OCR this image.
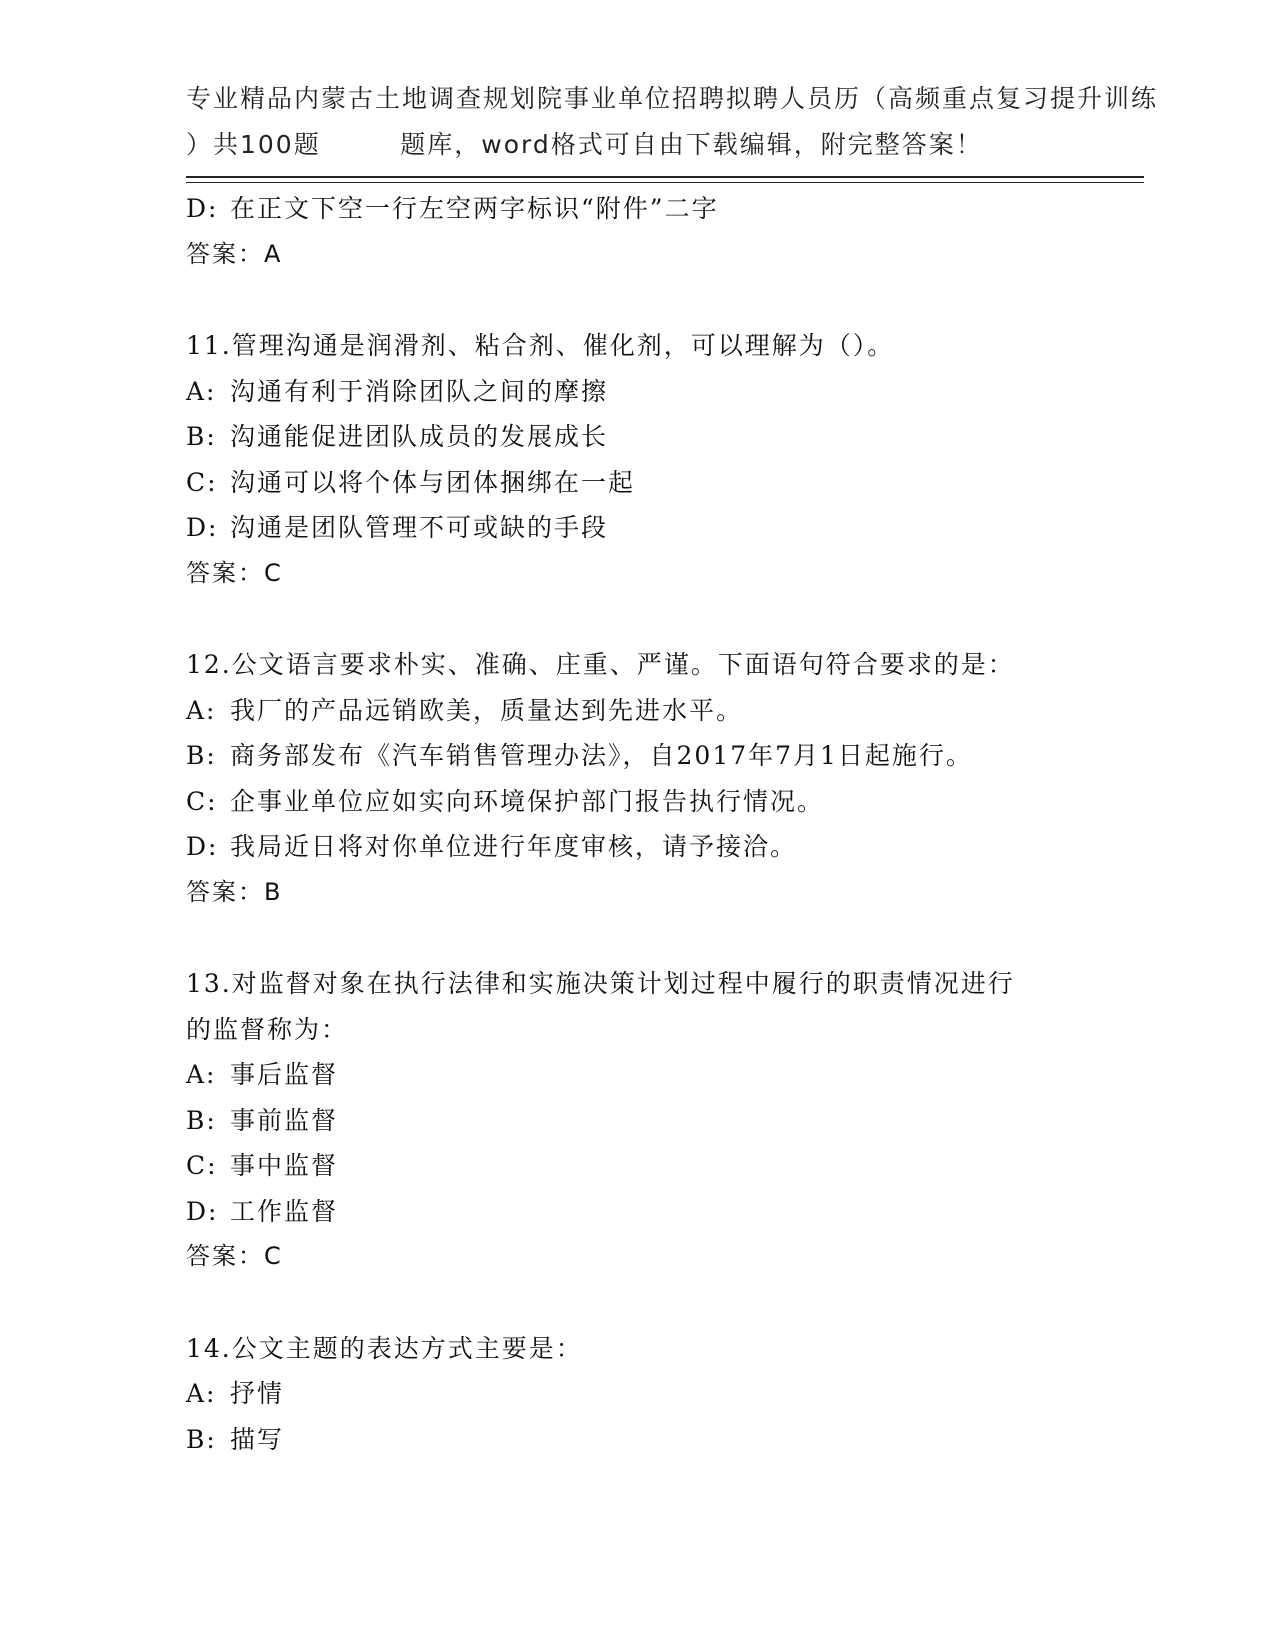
专业精品内蒙古土地调查规划院事业单位招聘拟聘人员历（高频重点复习提升训练
）共100题        题库，word格式可自由下载编辑，附完整答案！
D: 在正文下空一行左空两字标识“附件”二字
答案：A
11.管理沟通是润滑剂、粘合剂、催化剂，可以理解为（）。
A: 沟通有利于消除团队之间的摩擦
B: 沟通能促进团队成员的发展成长
C: 沟通可以将个体与团体捆绑在一起
D: 沟通是团队管理不可或缺的手段
答案：C
12.公文语言要求朴实、准确、庄重、严谨。下面语句符合要求的是：
A: 我厂的产品远销欧美，质量达到先进水平。
B: 商务部发布《汽车销售管理办法》，自2017年7月1日起施行。
C: 企事业单位应如实向环境保护部门报告执行情况。
D: 我局近日将对你单位进行年度审核，请予接洽。
答案：B
13.对监督对象在执行法律和实施决策计划过程中履行的职责情况进行
的监督称为：
A: 事后监督
B: 事前监督
C: 事中监督
D: 工作监督
答案：C
14.公文主题的表达方式主要是：
A: 抒情
B: 描写
